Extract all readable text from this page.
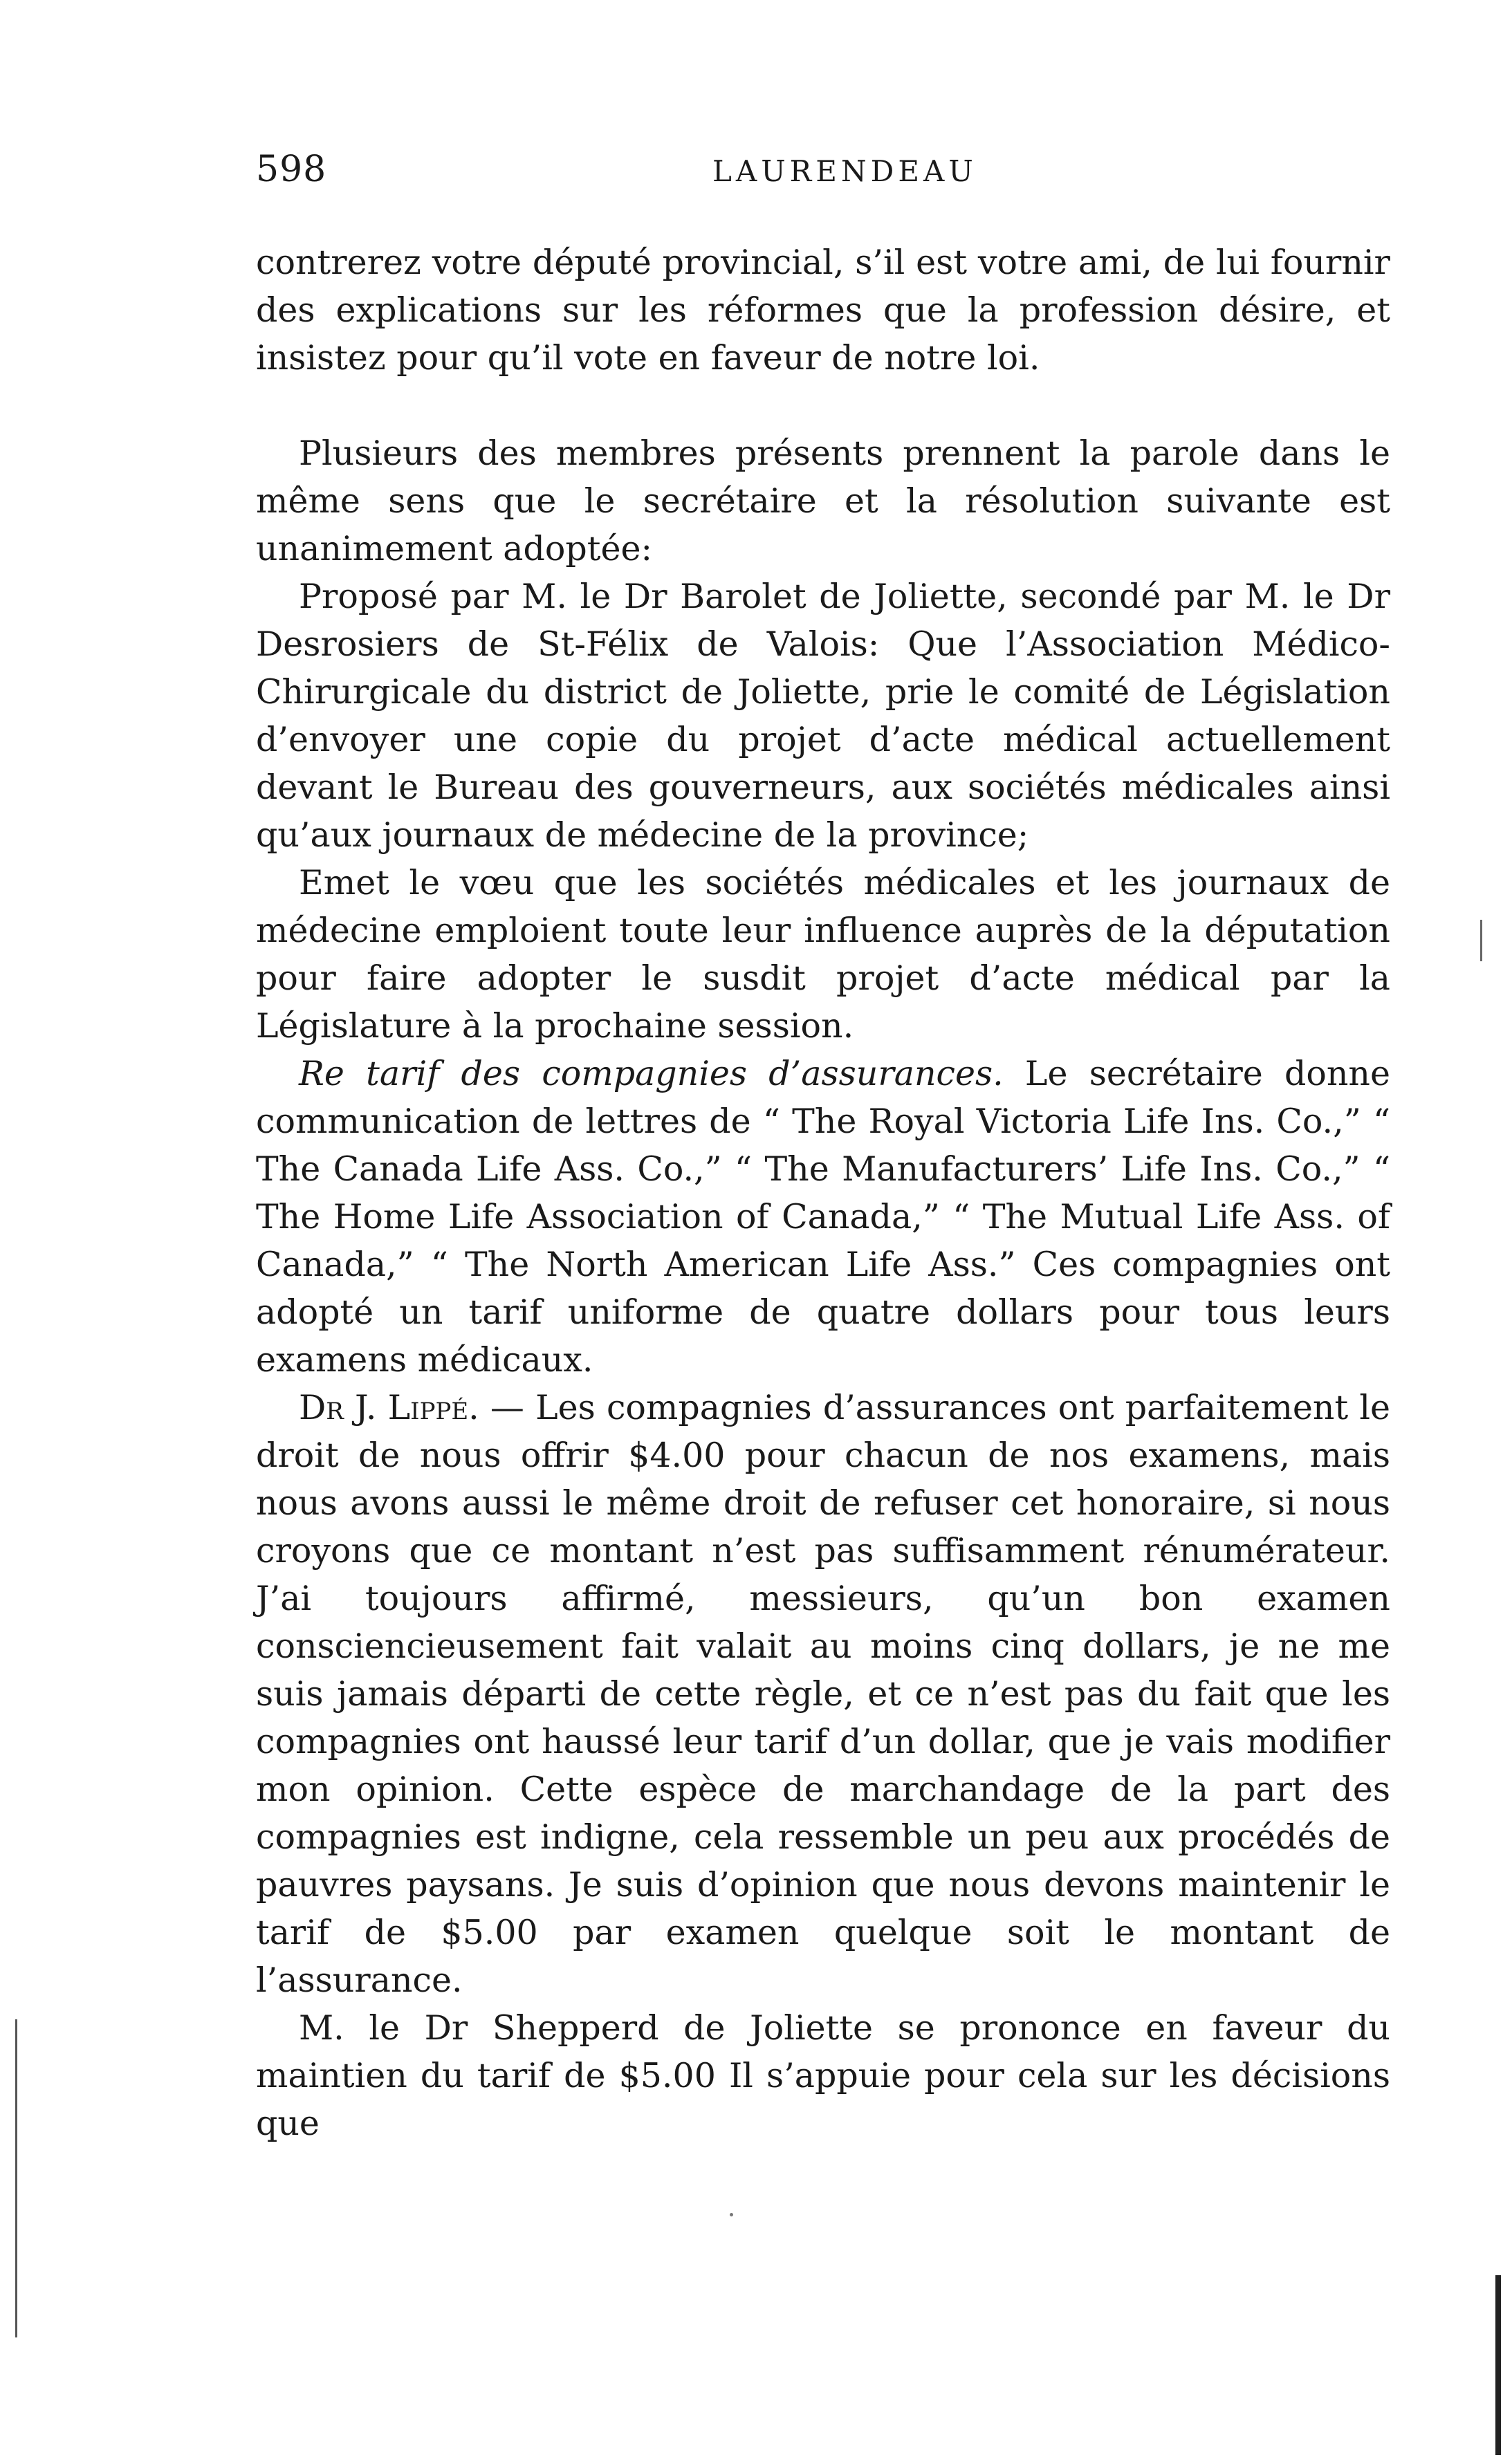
598	LAURENDEAU

contrerez votre député provincial, s’il est votre ami, de lui fournir des explications sur les réformes que la profession désire, et insistez pour qu’il vote en faveur de notre loi.

Plusieurs des membres présents prennent la parole dans le même sens que le secrétaire et la résolution suivante est unanimement adoptée:

Proposé par M. le Dr Barolet de Joliette, secondé par M. le Dr Desrosiers de St-Félix de Valois: Que l’Association Médico-Chirurgicale du district de Joliette, prie le comité de Législation d’envoyer une copie du projet d’acte médical actuellement devant le Bureau des gouverneurs, aux sociétés médicales ainsi qu’aux journaux de médecine de la province;

Emet le vœu que les sociétés médicales et les journaux de médecine emploient toute leur influence auprès de la députation pour faire adopter le susdit projet d’acte médical par la Législature à la prochaine session.

Re tarif des compagnies d’assurances. Le secrétaire donne communication de lettres de “ The Royal Victoria Life Ins. Co.,” “ The Canada Life Ass. Co.,” “ The Manufacturers’ Life Ins. Co.,” “ The Home Life Association of Canada,” “ The Mutual Life Ass. of Canada,” “ The North American Life Ass.” Ces compagnies ont adopté un tarif uniforme de quatre dollars pour tous leurs examens médicaux.

Dr J. Lippé. — Les compagnies d’assurances ont parfaitement le droit de nous offrir $4.00 pour chacun de nos examens, mais nous avons aussi le même droit de refuser cet honoraire, si nous croyons que ce montant n’est pas suffisamment rénumérateur. J’ai toujours affirmé, messieurs, qu’un bon examen consciencieusement fait valait au moins cinq dollars, je ne me suis jamais départi de cette règle, et ce n’est pas du fait que les compagnies ont haussé leur tarif d’un dollar, que je vais modifier mon opinion. Cette espèce de marchandage de la part des compagnies est indigne, cela ressemble un peu aux procédés de pauvres paysans. Je suis d’opinion que nous devons maintenir le tarif de $5.00 par examen quelque soit le montant de l’assurance.

M. le Dr Shepperd de Joliette se prononce en faveur du maintien du tarif de $5.00 Il s’appuie pour cela sur les décisions que
